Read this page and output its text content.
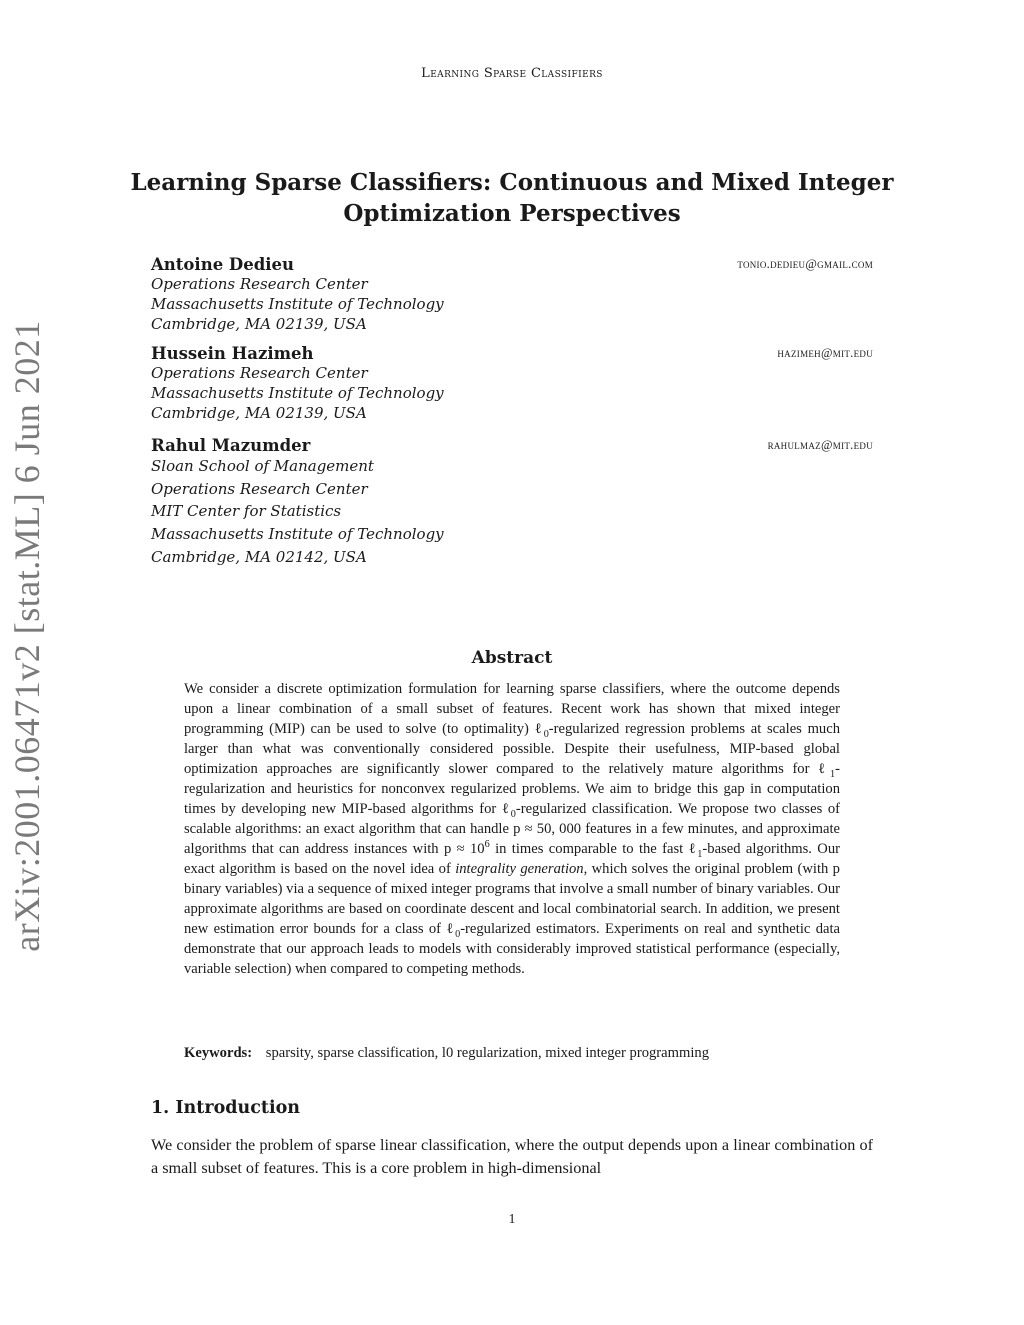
Learning Sparse Classifiers
arXiv:2001.06471v2 [stat.ML] 6 Jun 2021
Learning Sparse Classifiers: Continuous and Mixed Integer
Optimization Perspectives
Antoine Dedieu	tonio.dedieu@gmail.com
Operations Research Center
Massachusetts Institute of Technology
Cambridge, MA 02139, USA
Hussein Hazimeh	hazimeh@mit.edu
Operations Research Center
Massachusetts Institute of Technology
Cambridge, MA 02139, USA
Rahul Mazumder	rahulmaz@mit.edu
Sloan School of Management
Operations Research Center
MIT Center for Statistics
Massachusetts Institute of Technology
Cambridge, MA 02142, USA
Abstract
We consider a discrete optimization formulation for learning sparse classifiers, where the outcome depends upon a linear combination of a small subset of features. Recent work has shown that mixed integer programming (MIP) can be used to solve (to optimality) ℓ$_0$-regularized regression problems at scales much larger than what was conventionally considered possible. Despite their usefulness, MIP-based global optimization approaches are significantly slower compared to the relatively mature algorithms for ℓ$_1$-regularization and heuristics for nonconvex regularized problems. We aim to bridge this gap in computation times by developing new MIP-based algorithms for ℓ$_0$-regularized classification. We propose two classes of scalable algorithms: an exact algorithm that can handle p ≈ 50, 000 features in a few minutes, and approximate algorithms that can address instances with $p \approx 10^6$ in times comparable to the fast ℓ$_1$-based algorithms. Our exact algorithm is based on the novel idea of integrality generation, which solves the original problem (with p binary variables) via a sequence of mixed integer programs that involve a small number of binary variables. Our approximate algorithms are based on coordinate descent and local combinatorial search. In addition, we present new estimation error bounds for a class of ℓ$_0$-regularized estimators. Experiments on real and synthetic data demonstrate that our approach leads to models with considerably improved statistical performance (especially, variable selection) when compared to competing methods.
Keywords: sparsity, sparse classification, l0 regularization, mixed integer programming
1. Introduction
We consider the problem of sparse linear classification, where the output depends upon a linear combination of a small subset of features. This is a core problem in high-dimensional
1
